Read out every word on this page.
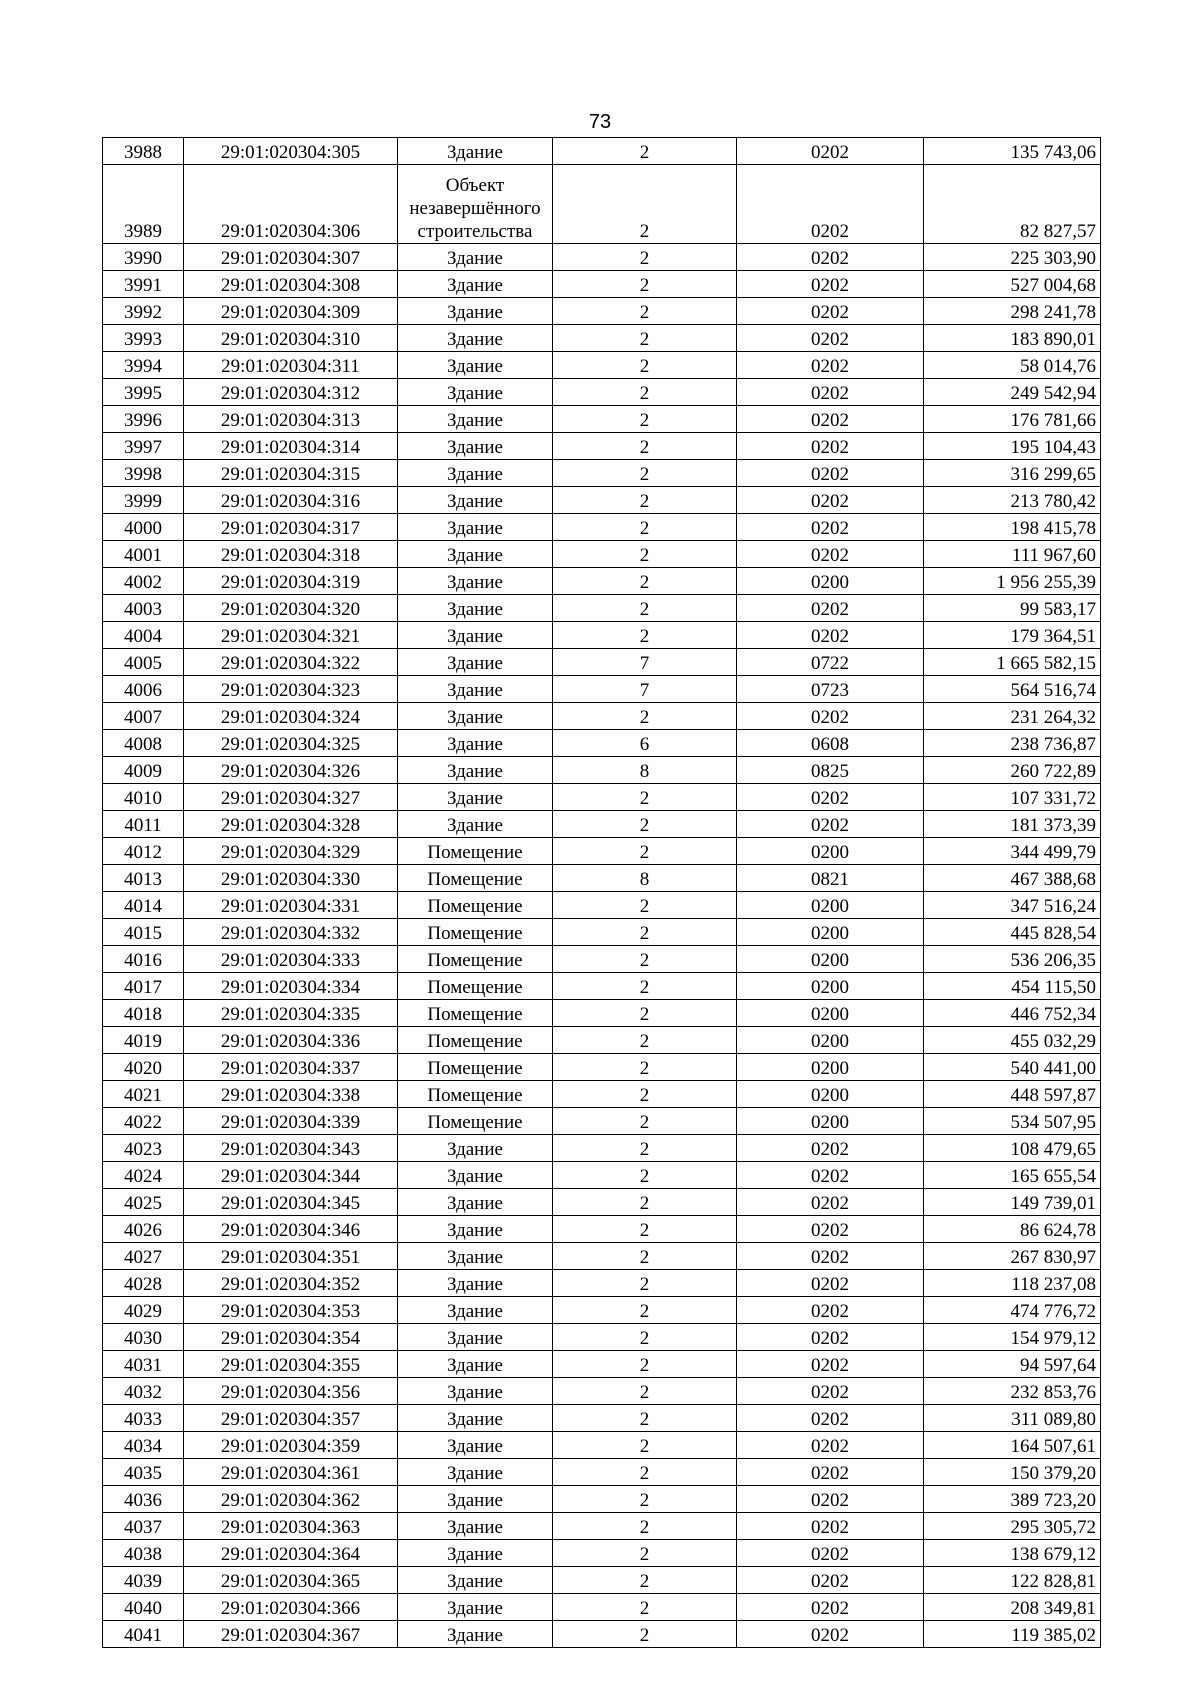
73
3988	29:01:020304:305	Здание	2	0202	135 743,06
3989	29:01:020304:306	Объект незавершённого строительства	2	0202	82 827,57
3990	29:01:020304:307	Здание	2	0202	225 303,90
3991	29:01:020304:308	Здание	2	0202	527 004,68
3992	29:01:020304:309	Здание	2	0202	298 241,78
3993	29:01:020304:310	Здание	2	0202	183 890,01
3994	29:01:020304:311	Здание	2	0202	58 014,76
3995	29:01:020304:312	Здание	2	0202	249 542,94
3996	29:01:020304:313	Здание	2	0202	176 781,66
3997	29:01:020304:314	Здание	2	0202	195 104,43
3998	29:01:020304:315	Здание	2	0202	316 299,65
3999	29:01:020304:316	Здание	2	0202	213 780,42
4000	29:01:020304:317	Здание	2	0202	198 415,78
4001	29:01:020304:318	Здание	2	0202	111 967,60
4002	29:01:020304:319	Здание	2	0200	1 956 255,39
4003	29:01:020304:320	Здание	2	0202	99 583,17
4004	29:01:020304:321	Здание	2	0202	179 364,51
4005	29:01:020304:322	Здание	7	0722	1 665 582,15
4006	29:01:020304:323	Здание	7	0723	564 516,74
4007	29:01:020304:324	Здание	2	0202	231 264,32
4008	29:01:020304:325	Здание	6	0608	238 736,87
4009	29:01:020304:326	Здание	8	0825	260 722,89
4010	29:01:020304:327	Здание	2	0202	107 331,72
4011	29:01:020304:328	Здание	2	0202	181 373,39
4012	29:01:020304:329	Помещение	2	0200	344 499,79
4013	29:01:020304:330	Помещение	8	0821	467 388,68
4014	29:01:020304:331	Помещение	2	0200	347 516,24
4015	29:01:020304:332	Помещение	2	0200	445 828,54
4016	29:01:020304:333	Помещение	2	0200	536 206,35
4017	29:01:020304:334	Помещение	2	0200	454 115,50
4018	29:01:020304:335	Помещение	2	0200	446 752,34
4019	29:01:020304:336	Помещение	2	0200	455 032,29
4020	29:01:020304:337	Помещение	2	0200	540 441,00
4021	29:01:020304:338	Помещение	2	0200	448 597,87
4022	29:01:020304:339	Помещение	2	0200	534 507,95
4023	29:01:020304:343	Здание	2	0202	108 479,65
4024	29:01:020304:344	Здание	2	0202	165 655,54
4025	29:01:020304:345	Здание	2	0202	149 739,01
4026	29:01:020304:346	Здание	2	0202	86 624,78
4027	29:01:020304:351	Здание	2	0202	267 830,97
4028	29:01:020304:352	Здание	2	0202	118 237,08
4029	29:01:020304:353	Здание	2	0202	474 776,72
4030	29:01:020304:354	Здание	2	0202	154 979,12
4031	29:01:020304:355	Здание	2	0202	94 597,64
4032	29:01:020304:356	Здание	2	0202	232 853,76
4033	29:01:020304:357	Здание	2	0202	311 089,80
4034	29:01:020304:359	Здание	2	0202	164 507,61
4035	29:01:020304:361	Здание	2	0202	150 379,20
4036	29:01:020304:362	Здание	2	0202	389 723,20
4037	29:01:020304:363	Здание	2	0202	295 305,72
4038	29:01:020304:364	Здание	2	0202	138 679,12
4039	29:01:020304:365	Здание	2	0202	122 828,81
4040	29:01:020304:366	Здание	2	0202	208 349,81
4041	29:01:020304:367	Здание	2	0202	119 385,02
